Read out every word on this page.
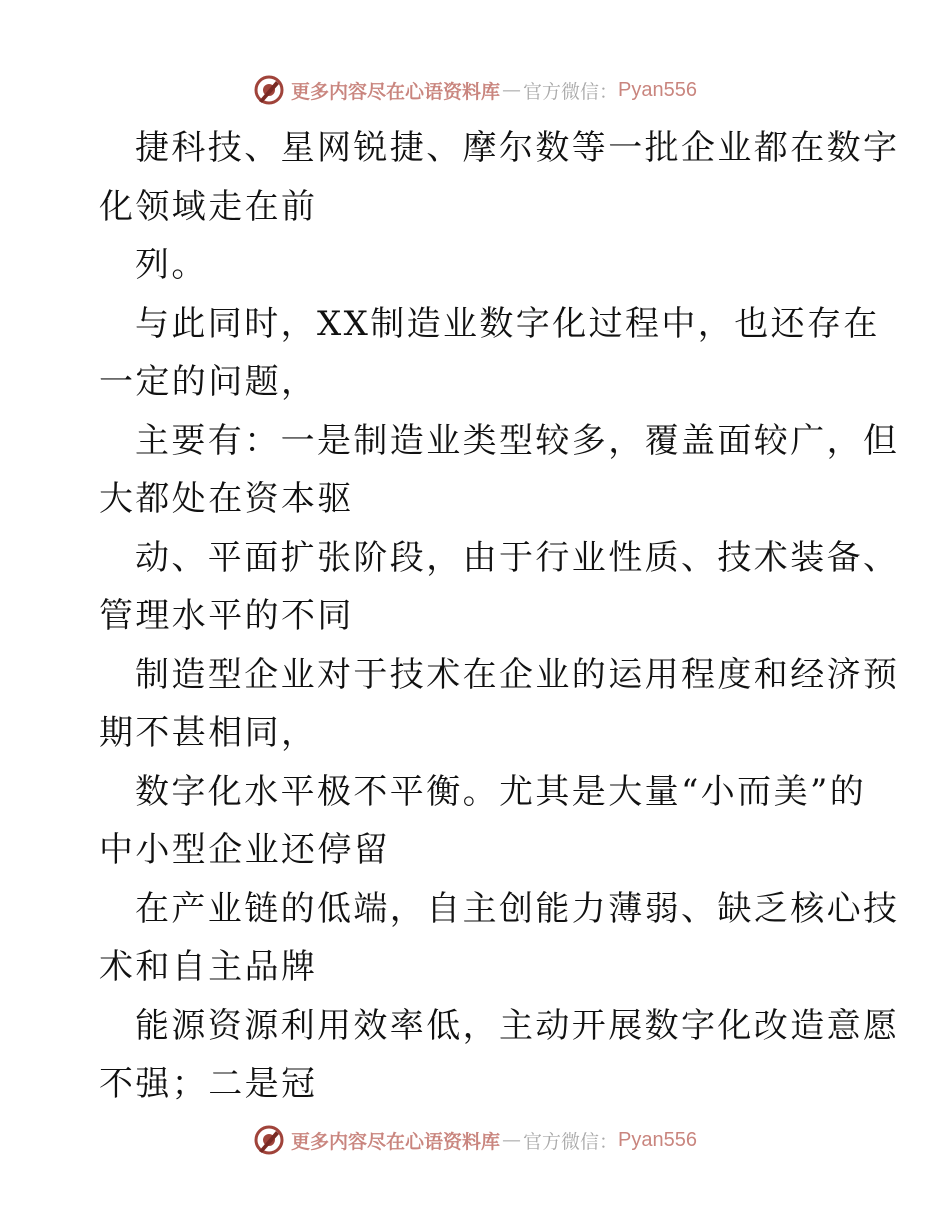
更多内容尽在心语资料库 — 官方微信： Pyan556
捷科技、星网锐捷、摩尔数等一批企业都在数字
化领域走在前
列。
与此同时，XX制造业数字化过程中，也还存在
一定的问题，
主要有：一是制造业类型较多，覆盖面较广，但
大都处在资本驱
动、平面扩张阶段，由于行业性质、技术装备、
管理水平的不同
制造型企业对于技术在企业的运用程度和经济预
期不甚相同，
数字化水平极不平衡。尤其是大量“小而美”的
中小型企业还停留
在产业链的低端，自主创能力薄弱、缺乏核心技
术和自主品牌
能源资源利用效率低，主动开展数字化改造意愿
不强；二是冠
更多内容尽在心语资料库 — 官方微信： Pyan556
